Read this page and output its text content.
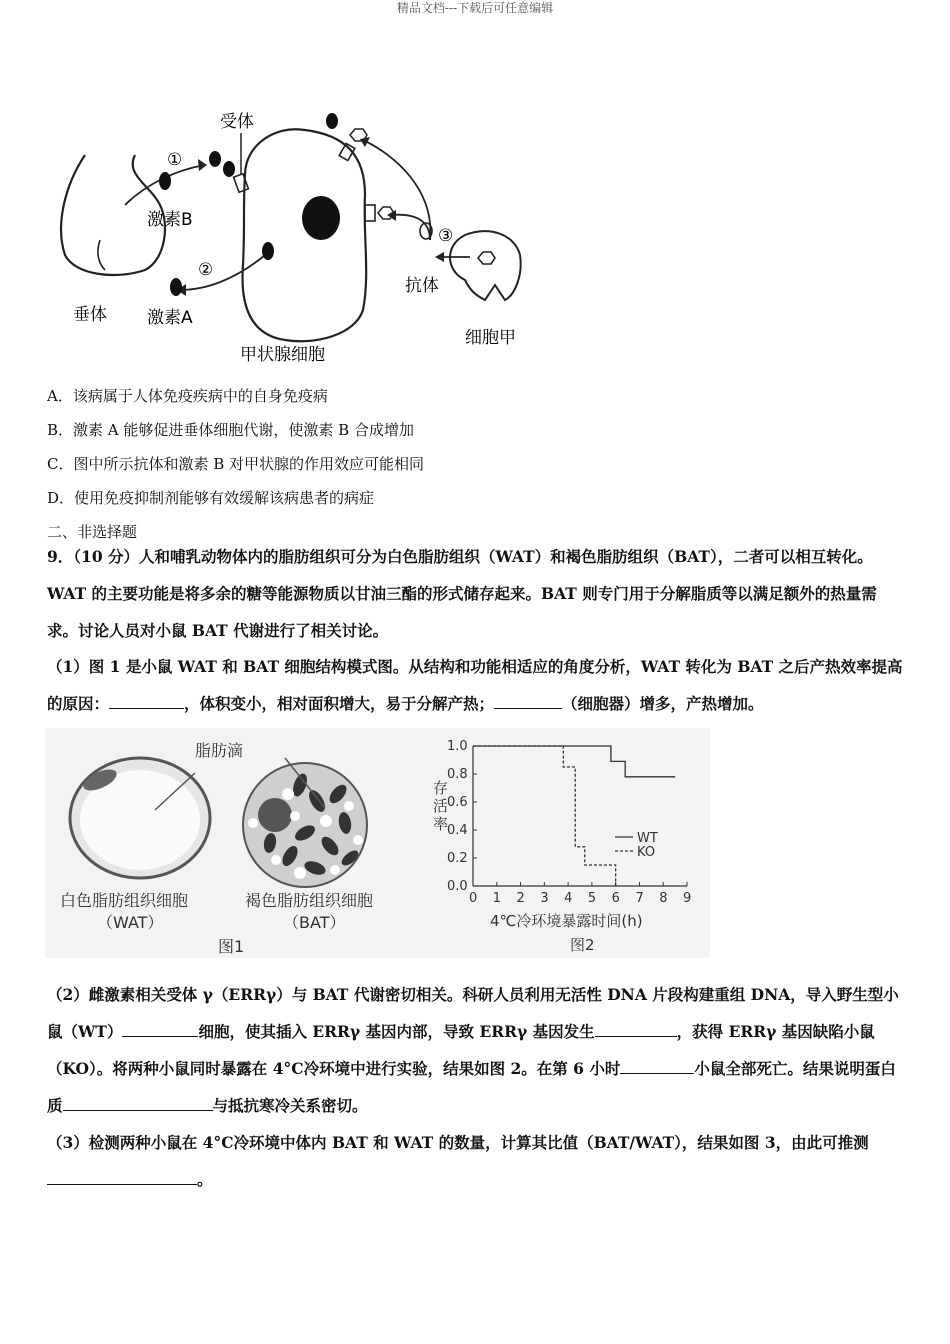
精品文档---下载后可任意编辑
受体
①
激素B
②
激素A
垂体
甲状腺细胞
③
抗体
细胞甲
A．该病属于人体免疫疾病中的自身免疫病
B．激素 A 能够促进垂体细胞代谢，使激素 B 合成增加
C．图中所示抗体和激素 B 对甲状腺的作用效应可能相同
D．使用免疫抑制剂能够有效缓解该病患者的病症
二、非选择题
9．（10 分）人和哺乳动物体内的脂肪组织可分为白色脂肪组织（WAT）和褐色脂肪组织（BAT），二者可以相互转化。WAT 的主要功能是将多余的糖等能源物质以甘油三酯的形式储存起来。BAT 则专门用于分解脂质等以满足额外的热量需求。讨论人员对小鼠 BAT 代谢进行了相关讨论。
（1）图 1 是小鼠 WAT 和 BAT 细胞结构模式图。从结构和功能相适应的角度分析，WAT 转化为 BAT 之后产热效率提高的原因：	，体积变小，相对面积增大，易于分解产热；	（细胞器）增多，产热增加。
脂肪滴
白色脂肪组织细胞
（WAT）
褐色脂肪组织细胞
（BAT）
图1
0 1 2 3 4 5 6 7 8 9
0.0
0.2
0.4
0.6
0.8
1.0
存
活
率
4℃冷环境暴露时间(h)
图2
WT
KO
（2）雌激素相关受体 γ（ERRγ）与 BAT 代谢密切相关。科研人员利用无活性 DNA 片段构建重组 DNA，导入野生型小鼠（WT）	细胞，使其插入 ERRγ 基因内部，导致 ERRγ 基因发生	，获得 ERRγ 基因缺陷小鼠（KO）。将两种小鼠同时暴露在 4°C冷环境中进行实验，结果如图 2。在第 6 小时	小鼠全部死亡。结果说明蛋白质	与抵抗寒冷关系密切。
（3）检测两种小鼠在 4°C冷环境中体内 BAT 和 WAT 的数量，计算其比值（BAT/WAT），结果如图 3，由此可推测。
